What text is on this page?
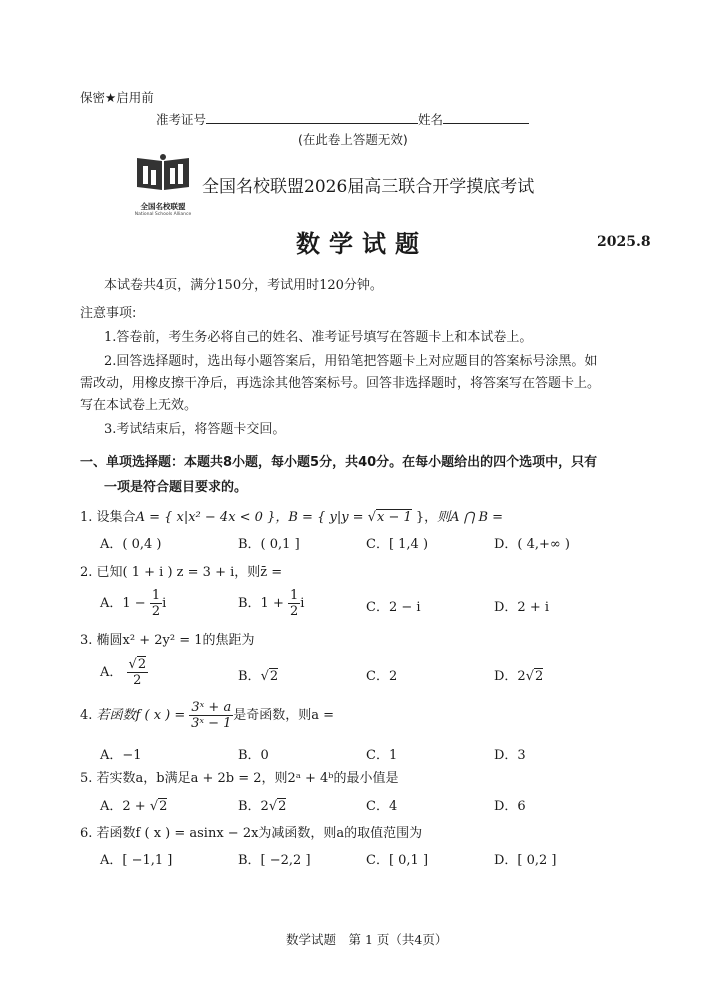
保密★启用前
准考证号	姓名
(在此卷上答题无效)
全国名校联盟
National Schools Alliance
全国名校联盟2026届高三联合开学摸底考试
数学试题	2025.8
本试卷共4页，满分150分，考试用时120分钟。
注意事项:
1.答卷前，考生务必将自己的姓名、准考证号填写在答题卡上和本试卷上。
2.回答选择题时，选出每小题答案后，用铅笔把答题卡上对应题目的答案标号涂黑。如
需改动，用橡皮擦干净后，再选涂其他答案标号。回答非选择题时，将答案写在答题卡上。
写在本试卷上无效。
3.考试结束后，将答题卡交回。
一、单项选择题：本题共8小题，每小题5分，共40分。在每小题给出的四个选项中，只有
一项是符合题目要求的。
1. 设集合A = { x|x² − 4x < 0 }，B = { y|y = √x − 1 }，则A ⋂ B =
A．( 0,4 )	B．( 0,1 ]	C．[ 1,4 )	D．( 4,+∞ )
2. 已知( 1 + i ) z = 3 + i，则z̄ =
A．$1 - \frac{1}{2}$ i	B．$1 + \frac{1}{2}$ i	C．2 − i	D．2 + i
3. 椭圆x² + 2y² = 1的焦距为
A． $\frac{√2}{2}$	B．√2	C．2	D．2√2
4. 若函数f ( x ) = $\frac{\text{3ˣ + a}}{\text{3ˣ − 1}}$ 是奇函数，则a =
A．−1	B．0	C．1	D．3
5. 若实数a，b满足a + 2b = 2，则2ᵃ + 4ᵇ的最小值是
A．2 + √2	B．2√2	C．4	D．6
6. 若函数f ( x ) = asinx − 2x为减函数，则a的取值范围为
A．[ −1,1 ]	B．[ −2,2 ]	C．[ 0,1 ]	D．[ 0,2 ]
数学试题　第 1 页（共4页）
